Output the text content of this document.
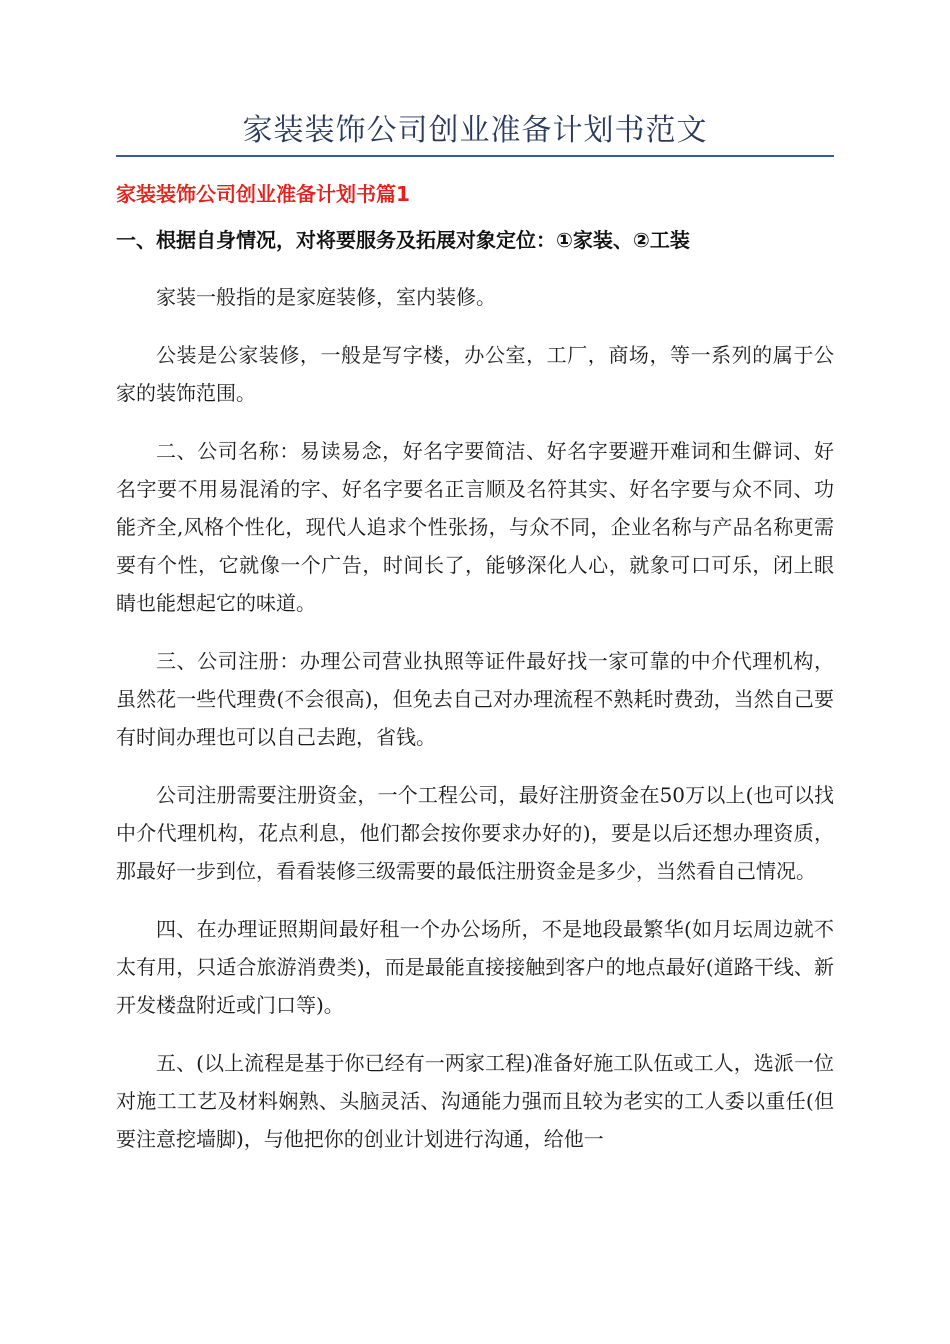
家装装饰公司创业准备计划书范文
家装装饰公司创业准备计划书篇1
一、根据自身情况，对将要服务及拓展对象定位：①家装、②工装

家装一般指的是家庭装修，室内装修。

公装是公家装修，一般是写字楼，办公室，工厂，商场，等一系列的属于公家的装饰范围。

二、公司名称：易读易念，好名字要简洁、好名字要避开难词和生僻词、好名字要不用易混淆的字、好名字要名正言顺及名符其实、好名字要与众不同、功能齐全,风格个性化，现代人追求个性张扬，与众不同，企业名称与产品名称更需要有个性，它就像一个广告，时间长了，能够深化人心，就象可口可乐，闭上眼睛也能想起它的味道。

三、公司注册：办理公司营业执照等证件最好找一家可靠的中介代理机构，虽然花一些代理费(不会很高)，但免去自己对办理流程不熟耗时费劲，当然自己要有时间办理也可以自己去跑，省钱。

公司注册需要注册资金，一个工程公司，最好注册资金在50万以上(也可以找中介代理机构，花点利息，他们都会按你要求办好的)，要是以后还想办理资质，那最好一步到位，看看装修三级需要的最低注册资金是多少，当然看自己情况。

四、在办理证照期间最好租一个办公场所，不是地段最繁华(如月坛周边就不太有用，只适合旅游消费类)，而是最能直接接触到客户的地点最好(道路干线、新开发楼盘附近或门口等)。

五、(以上流程是基于你已经有一两家工程)准备好施工队伍或工人，选派一位对施工工艺及材料娴熟、头脑灵活、沟通能力强而且较为老实的工人委以重任(但要注意挖墙脚)，与他把你的创业计划进行沟通，给他一
